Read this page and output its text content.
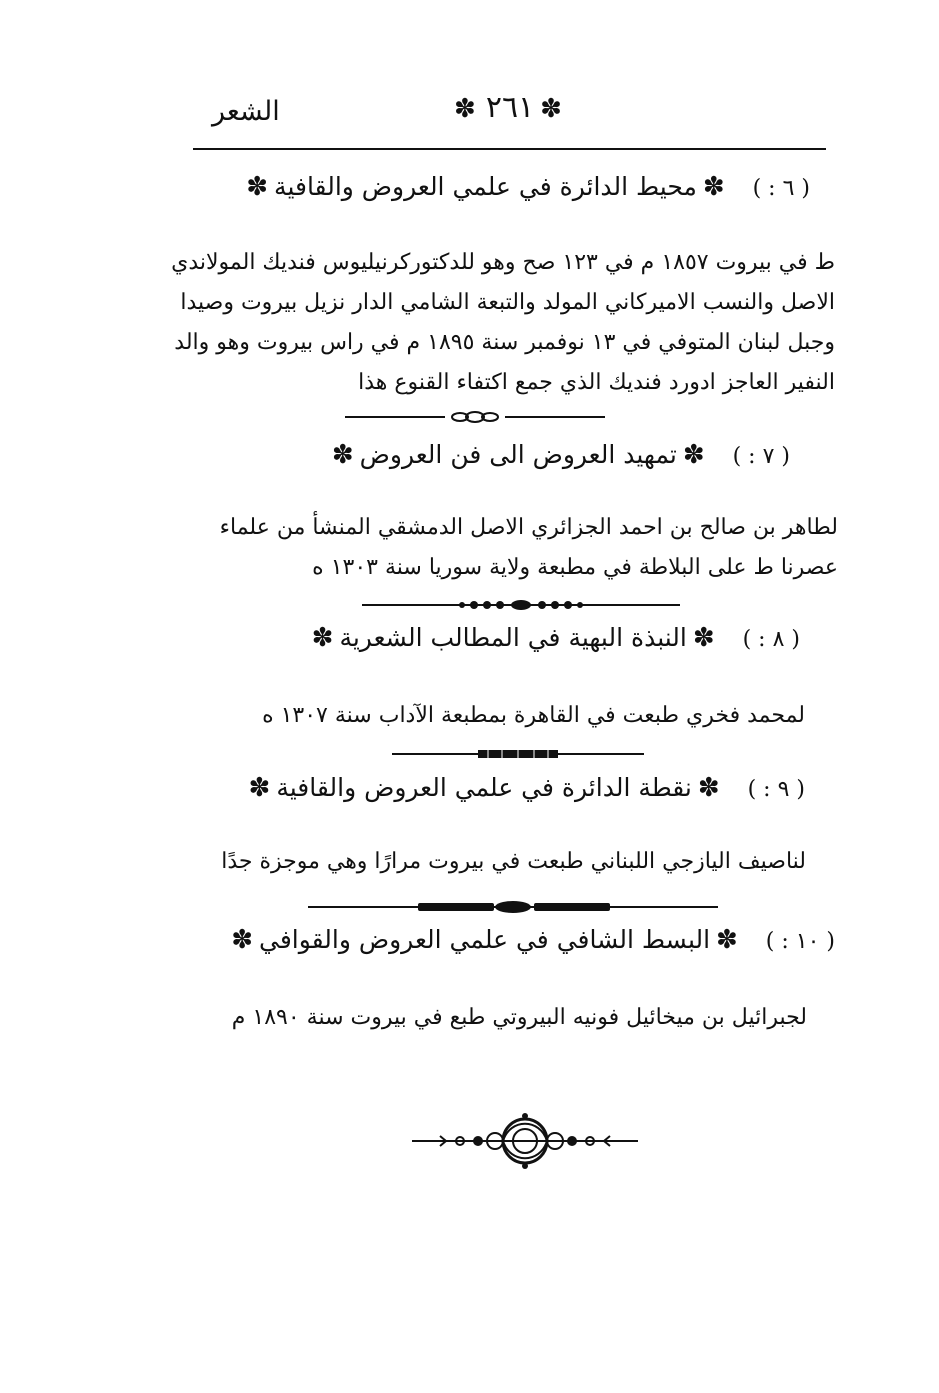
الشعر	✽ ٢٦١ ✽
( ٦ : ) ✽محيط الدائرة في علمي العروض والقافية✽
ط في بيروت ١٨٥٧ م في ١٢٣ صح وهو للدكتوركرنيليوس فنديك المولاندي
الاصل والنسب الاميركاني المولد والتبعة الشامي الدار نزيل بيروت وصيدا
وجبل لبنان المتوفي في ١٣ نوفمبر سنة ١٨٩٥ م في راس بيروت وهو والد
النفير العاجز ادورد فنديك الذي جمع اكتفاء القنوع هذا
( ٧ : ) ✽تمهيد العروض الى فن العروض✽
لطاهر بن صالح بن احمد الجزائري الاصل الدمشقي المنشأ من علماء
عصرنا ط على البلاطة في مطبعة ولاية سوريا سنة ١٣٠٣ ه
( ٨ : ) ✽النبذة البهية في المطالب الشعرية✽
لمحمد فخري طبعت في القاهرة بمطبعة الآداب سنة ١٣٠٧ ه
( ٩ : ) ✽نقطة الدائرة في علمي العروض والقافية✽
لناصيف اليازجي اللبناني طبعت في بيروت مرارًا وهي موجزة جدًا
( ١٠ : ) ✽البسط الشافي في علمي العروض والقوافي✽
لجبرائيل بن ميخائيل فونيه البيروتي طبع في بيروت سنة ١٨٩٠ م
